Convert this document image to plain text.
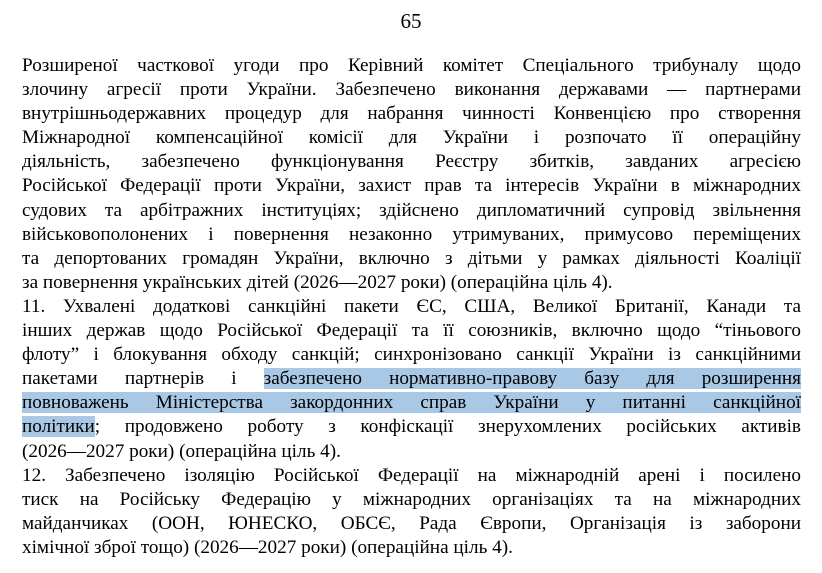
65
Розширеної часткової угоди про Керівний комітет Спеціального трибуналу щодо
злочину агресії проти України. Забезпечено виконання державами — партнерами
внутрішньодержавних процедур для набрання чинності Конвенцією про створення
Міжнародної компенсаційної комісії для України і розпочато її операційну
діяльність, забезпечено функціонування Реєстру збитків, завданих агресією
Російської Федерації проти України, захист прав та інтересів України в міжнародних
судових та арбітражних інституціях; здійснено дипломатичний супровід звільнення
військовополонених і повернення незаконно утримуваних, примусово переміщених
та депортованих громадян України, включно з дітьми у рамках діяльності Коаліції
за повернення українських дітей (2026—2027 роки) (операційна ціль 4).
11. Ухвалені додаткові санкційні пакети ЄС, США, Великої Британії, Канади та
інших держав щодо Російської Федерації та її союзників, включно щодо “тіньового
флоту” і блокування обходу санкцій; синхронізовано санкції України із санкційними
пакетами партнерів і забезпечено нормативно-правову базу для розширення
повноважень Міністерства закордонних справ України у питанні санкційної
політики; продовжено роботу з конфіскації знерухомлених російських активів
(2026—2027 роки) (операційна ціль 4).
12. Забезпечено ізоляцію Російської Федерації на міжнародній арені і посилено
тиск на Російську Федерацію у міжнародних організаціях та на міжнародних
майданчиках (ООН, ЮНЕСКО, ОБСЄ, Рада Європи, Організація із заборони
хімічної зброї тощо) (2026—2027 роки) (операційна ціль 4).
